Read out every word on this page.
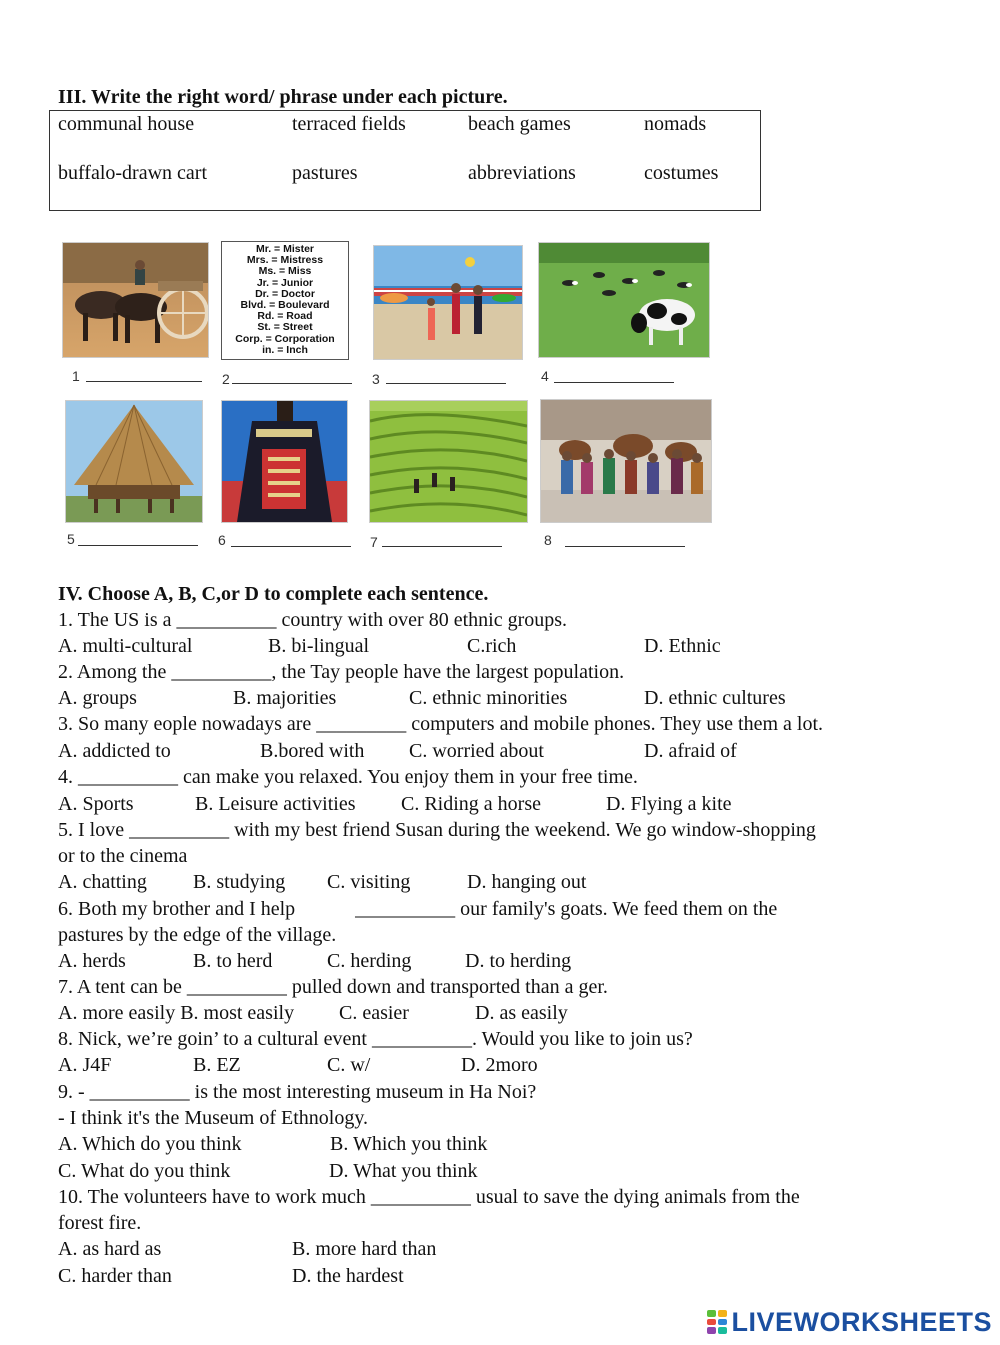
III. Write the right word/ phrase under each picture.
communal house	terraced fields	beach games	nomads
buffalo-drawn cart	pastures	abbreviations	costumes
Mr. = Mister
Mrs. = Mistress
Ms. = Miss
Jr. = Junior
Dr. = Doctor
Blvd. = Boulevard
Rd. = Road
St. = Street
Corp. = Corporation
in. = Inch
1	2	3	4
5	6	7	8
IV. Choose A, B, C,or D to complete each sentence.
1. The US is a __________ country with over 80 ethnic groups.
A. multi-cultural	B. bi-lingual	C.rich	D. Ethnic
2. Among the __________, the Tay people have the largest population.
A. groups	B. majorities	C. ethnic minorities	D. ethnic cultures
3. So many eople nowadays are _________ computers and mobile phones. They use them a lot.
A. addicted to	B.bored with C. worried about	D. afraid of
4. __________ can make you relaxed. You enjoy them in your free time.
A. Sports	B. Leisure activities C. Riding a horse	D. Flying a kite
5. I love __________ with my best friend Susan during the weekend. We go window-shopping
or to the cinema
A. chatting B. studying C. visiting	D. hanging out
6. Both my brother and I help            __________ our family's goats. We feed them on the
pastures by the edge of the village.
A. herds	B. to herd	C. herding	D. to herding
7. A tent can be __________ pulled down and transported than a ger.
A. more easily B. most easily C. easier	D. as easily
8. Nick, we’re goin’ to a cultural event __________. Would you like to join us?
A. J4F	B. EZ	C. w/	D. 2moro
9. - __________ is the most interesting museum in Ha Noi?
- I think it's the Museum of Ethnology.
A. Which do you think	B. Which you think
C. What do you think	D. What you think
10. The volunteers have to work much __________ usual to save the dying animals from the
forest fire.
A. as hard as	B. more hard than
C. harder than	D. the hardest
LIVEWORKSHEETS
